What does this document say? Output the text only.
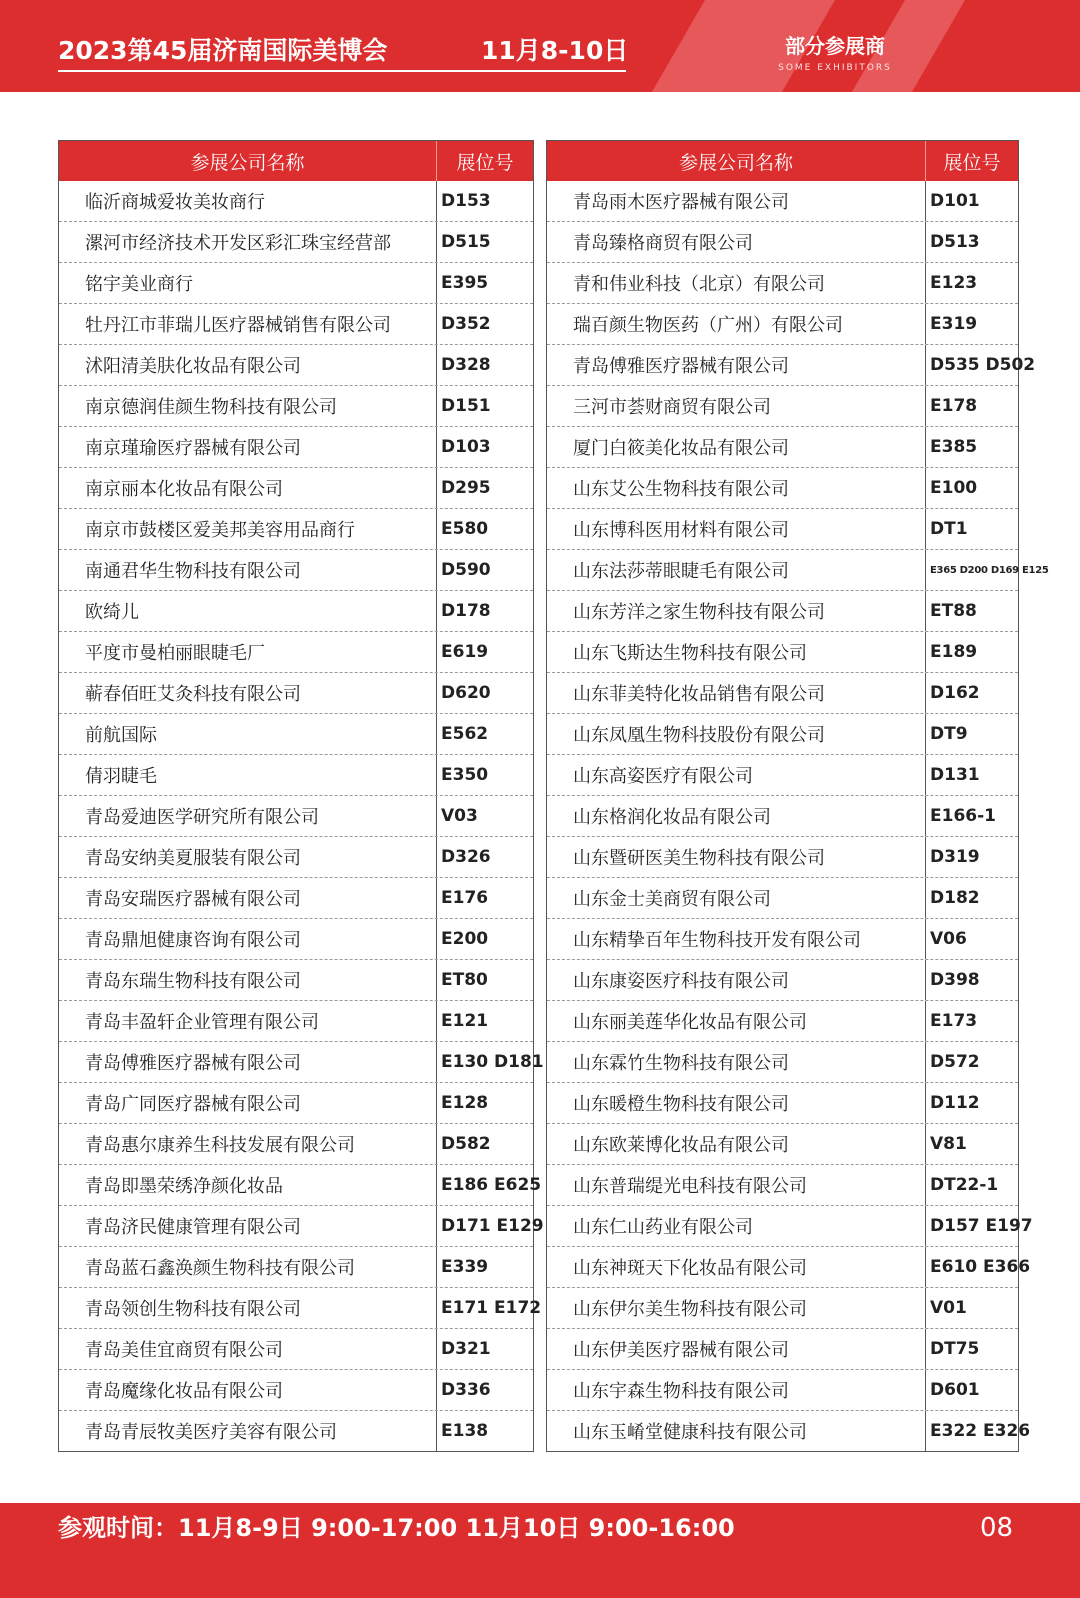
2023第45届济南国际美博会	11月8-10日	部分参展商
SOME EXHIBITORS
参展公司名称	展位号
临沂商城爱妆美妆商行	D153
漯河市经济技术开发区彩汇珠宝经营部	D515
铭宇美业商行	E395
牡丹江市菲瑞儿医疗器械销售有限公司	D352
沭阳清美肤化妆品有限公司	D328
南京德润佳颜生物科技有限公司	D151
南京瑾瑜医疗器械有限公司	D103
南京丽本化妆品有限公司	D295
南京市鼓楼区爱美邦美容用品商行	E580
南通君华生物科技有限公司	D590
欧绮儿	D178
平度市曼柏丽眼睫毛厂	E619
蕲春佰旺艾灸科技有限公司	D620
前航国际	E562
倩羽睫毛	E350
青岛爱迪医学研究所有限公司	V03
青岛安纳美夏服装有限公司	D326
青岛安瑞医疗器械有限公司	E176
青岛鼎旭健康咨询有限公司	E200
青岛东瑞生物科技有限公司	ET80
青岛丰盈轩企业管理有限公司	E121
青岛傅雅医疗器械有限公司	E130 D181
青岛广同医疗器械有限公司	E128
青岛惠尔康养生科技发展有限公司	D582
青岛即墨荣绣净颜化妆品	E186 E625
青岛济民健康管理有限公司	D171 E129
青岛蓝石鑫涣颜生物科技有限公司	E339
青岛领创生物科技有限公司	E171 E172
青岛美佳宜商贸有限公司	D321
青岛魔缘化妆品有限公司	D336
青岛青辰牧美医疗美容有限公司	E138
参展公司名称	展位号
青岛雨木医疗器械有限公司	D101
青岛臻格商贸有限公司	D513
青和伟业科技（北京）有限公司	E123
瑞百颜生物医药（广州）有限公司	E319
青岛傅雅医疗器械有限公司	D535 D502
三河市荟财商贸有限公司	E178
厦门白筱美化妆品有限公司	E385
山东艾公生物科技有限公司	E100
山东博科医用材料有限公司	DT1
山东法莎蒂眼睫毛有限公司	E365 D200 D169 E125
山东芳洋之家生物科技有限公司	ET88
山东飞斯达生物科技有限公司	E189
山东菲美特化妆品销售有限公司	D162
山东凤凰生物科技股份有限公司	DT9
山东高姿医疗有限公司	D131
山东格润化妆品有限公司	E166-1
山东暨研医美生物科技有限公司	D319
山东金士美商贸有限公司	D182
山东精挚百年生物科技开发有限公司	V06
山东康姿医疗科技有限公司	D398
山东丽美莲华化妆品有限公司	E173
山东霖竹生物科技有限公司	D572
山东暖橙生物科技有限公司	D112
山东欧莱博化妆品有限公司	V81
山东普瑞缇光电科技有限公司	DT22-1
山东仁山药业有限公司	D157 E197
山东神斑天下化妆品有限公司	E610 E366
山东伊尔美生物科技有限公司	V01
山东伊美医疗器械有限公司	DT75
山东宇森生物科技有限公司	D601
山东玉崤堂健康科技有限公司	E322 E326
参观时间：11月8-9日 9:00-17:00 11月10日 9:00-16:00	08
